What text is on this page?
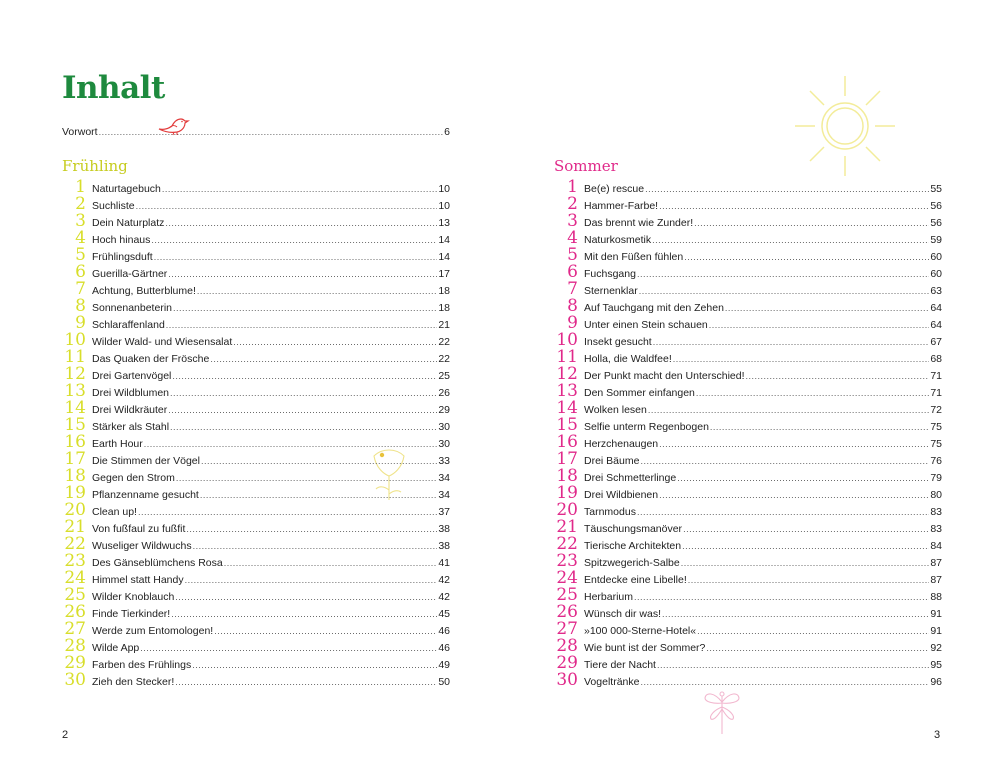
Inhalt
Vorwort .....	6
Frühling
1 Naturtagebuch .....	10
2 Suchliste .....	10
3 Dein Naturplatz .....	13
4 Hoch hinaus .....	14
5 Frühlingsduft .....	14
6 Guerilla-Gärtner .....	17
7 Achtung, Butterblume! .....	18
8 Sonnenanbeterin .....	18
9 Schlaraffenland .....	21
10 Wilder Wald- und Wiesensalat .....	22
11 Das Quaken der Frösche .....	22
12 Drei Gartenvögel .....	25
13 Drei Wildblumen .....	26
14 Drei Wildkräuter .....	29
15 Stärker als Stahl .....	30
16 Earth Hour .....	30
17 Die Stimmen der Vögel .....	33
18 Gegen den Strom .....	34
19 Pflanzenname gesucht .....	34
20 Clean up! .....	37
21 Von fußfaul zu fußfit .....	38
22 Wuseliger Wildwuchs .....	38
23 Des Gänseblümchens Rosa .....	41
24 Himmel statt Handy .....	42
25 Wilder Knoblauch .....	42
26 Finde Tierkinder! .....	45
27 Werde zum Entomologen! .....	46
28 Wilde App .....	46
29 Farben des Frühlings .....	49
30 Zieh den Stecker! .....	50
Sommer
1 Be(e) rescue .....	55
2 Hammer-Farbe! .....	56
3 Das brennt wie Zunder! .....	56
4 Naturkosmetik .....	59
5 Mit den Füßen fühlen .....	60
6 Fuchsgang .....	60
7 Sternenklar .....	63
8 Auf Tauchgang mit den Zehen .....	64
9 Unter einen Stein schauen .....	64
10 Insekt gesucht .....	67
11 Holla, die Waldfee! .....	68
12 Der Punkt macht den Unterschied! .....	71
13 Den Sommer einfangen .....	71
14 Wolken lesen .....	72
15 Selfie unterm Regenbogen .....	75
16 Herzchenaugen .....	75
17 Drei Bäume .....	76
18 Drei Schmetterlinge .....	79
19 Drei Wildbienen .....	80
20 Tarnmodus .....	83
21 Täuschungsmanöver .....	83
22 Tierische Architekten .....	84
23 Spitzwegerich-Salbe .....	87
24 Entdecke eine Libelle! .....	87
25 Herbarium .....	88
26 Wünsch dir was! .....	91
27 »100 000-Sterne-Hotel« .....	91
28 Wie bunt ist der Sommer? .....	92
29 Tiere der Nacht .....	95
30 Vogeltränke .....	96
2	3
